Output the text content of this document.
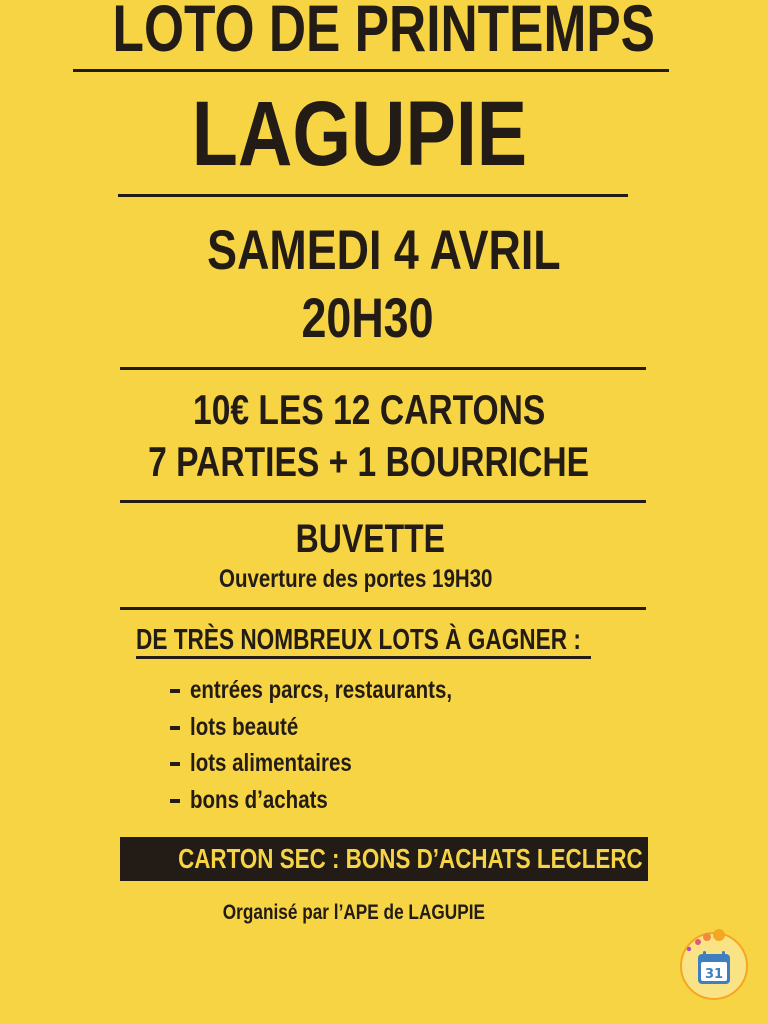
LOTO DE PRINTEMPS
LAGUPIE
SAMEDI 4 AVRIL
20H30
10€ LES 12 CARTONS
7 PARTIES + 1 BOURRICHE
BUVETTE
Ouverture des portes 19H30
DE TRÈS NOMBREUX LOTS À GAGNER :
entrées parcs, restaurants,
lots beauté
lots alimentaires
bons d’achats
CARTON SEC : BONS D’ACHATS LECLERC
Organisé par l’APE de LAGUPIE
31
